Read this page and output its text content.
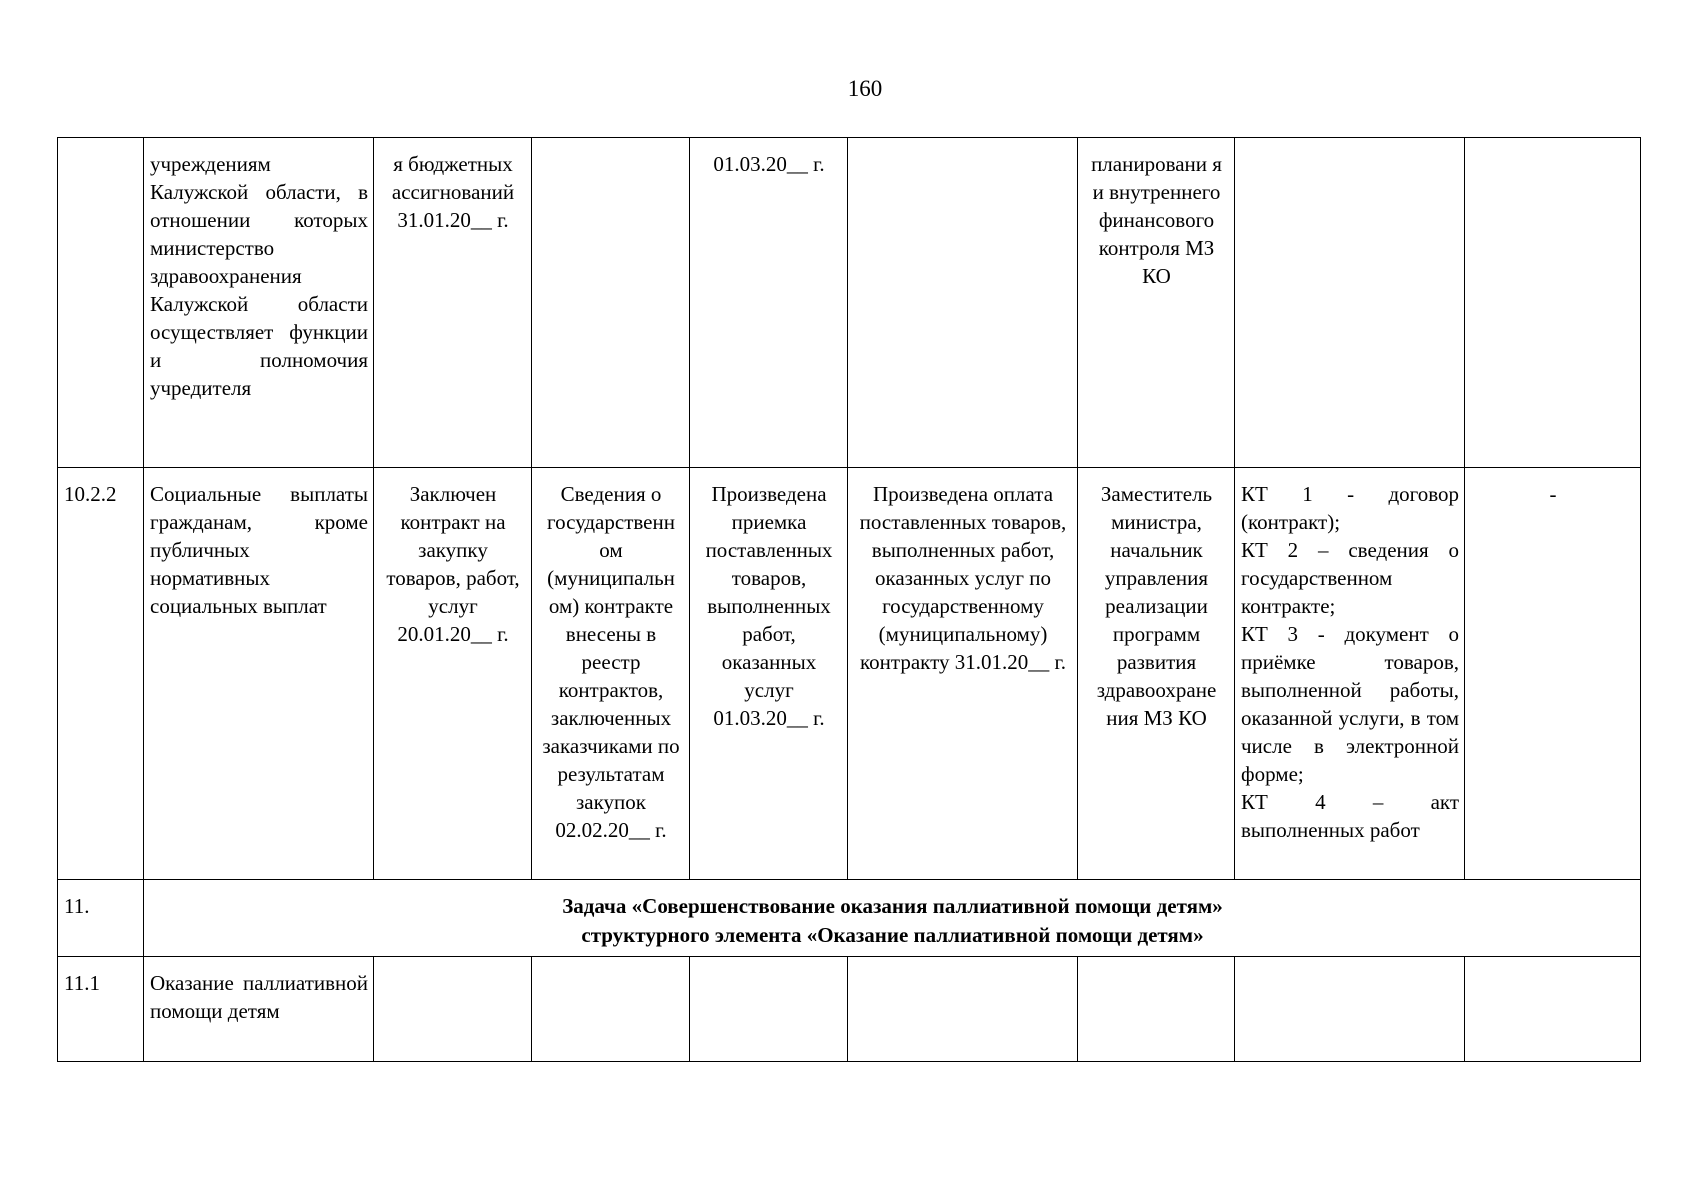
160
	учреждениям Калужской области, в отношении которых министерство здравоохранения Калужской области осуществляет функции и полномочия учредителя	я бюджетных ассигнований 31.01.20__ г.		01.03.20__ г.		планировани я и внутреннего финансового контроля МЗ КО		
10.2.2	Социальные выплаты гражданам, кроме публичных нормативных социальных выплат	Заключен контракт на закупку товаров, работ, услуг 20.01.20__ г.	Сведения о государственн ом (муниципальн ом) контракте внесены в реестр контрактов, заключенных заказчиками по результатам закупок 02.02.20__ г.	Произведена приемка поставленных товаров, выполненных работ, оказанных услуг 01.03.20__ г.	Произведена оплата поставленных товаров, выполненных работ, оказанных услуг по государственному (муниципальному) контракту 31.01.20__ г.	Заместитель министра, начальник управления реализации программ развития здравоохране ния МЗ КО	КТ 1 - договор (контракт);
КТ 2 – сведения о государственном контракте;
КТ 3 - документ о приёмке товаров, выполненной работы, оказанной услуги, в том числе в электронной форме;
КТ 4 – акт выполненных работ	-
11.	Задача «Совершенствование оказания паллиативной помощи детям»
структурного элемента «Оказание паллиативной помощи детям»							

11.1	Оказание паллиативной помощи детям							
